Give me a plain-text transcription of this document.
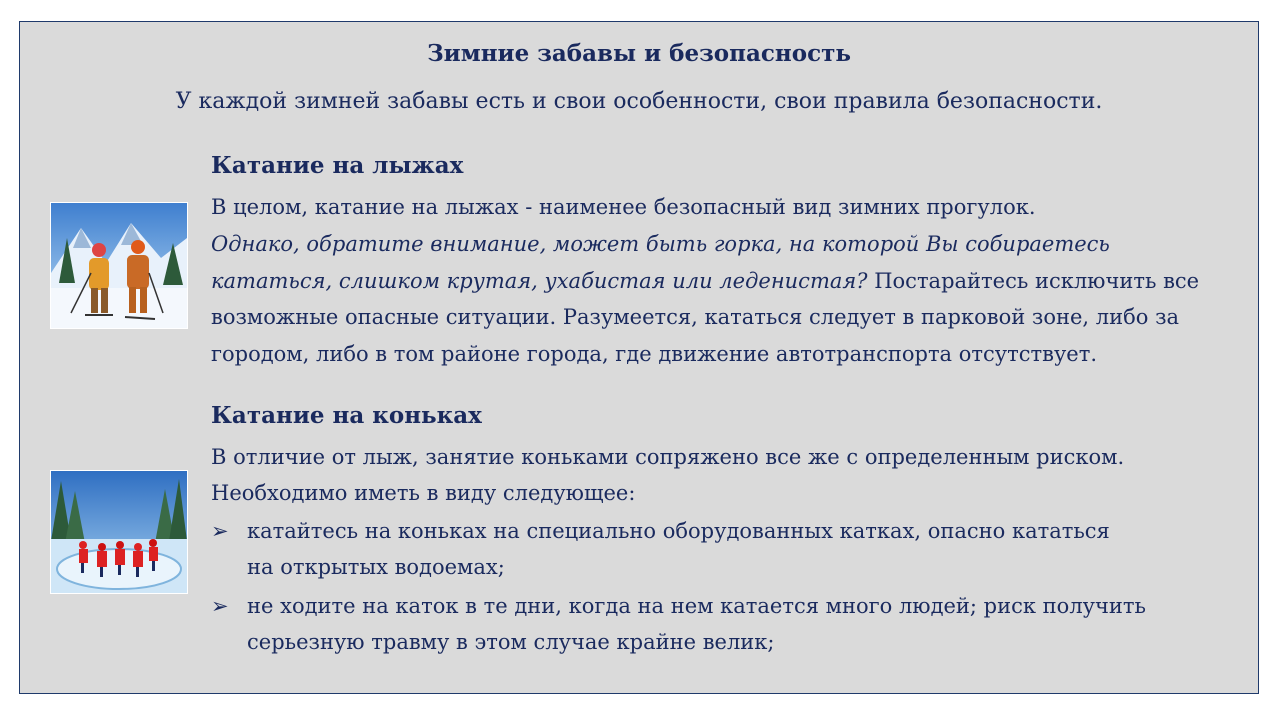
Зимние забавы и безопасность
У каждой зимней забавы есть и свои особенности, свои правила безопасности.
Катание на лыжах
В целом, катание на лыжах - наименее безопасный вид зимних прогулок.
Однако, обратите внимание, может быть горка, на которой Вы собираетесь кататься, слишком крутая, ухабистая или леденистая? Постарайтесь исключить все возможные опасные ситуации. Разумеется, кататься следует в парковой зоне, либо за городом, либо в том районе города, где движение автотранспорта отсутствует.
Катание на коньках
В отличие от лыж, занятие коньками сопряжено все же с определенным риском.
Необходимо иметь в виду следующее:
➢ катайтесь на коньках на специально оборудованных катках, опасно кататься
на открытых водоемах;
➢ не ходите на каток в те дни, когда на нем катается много людей; риск получить
серьезную травму в этом случае крайне велик;
